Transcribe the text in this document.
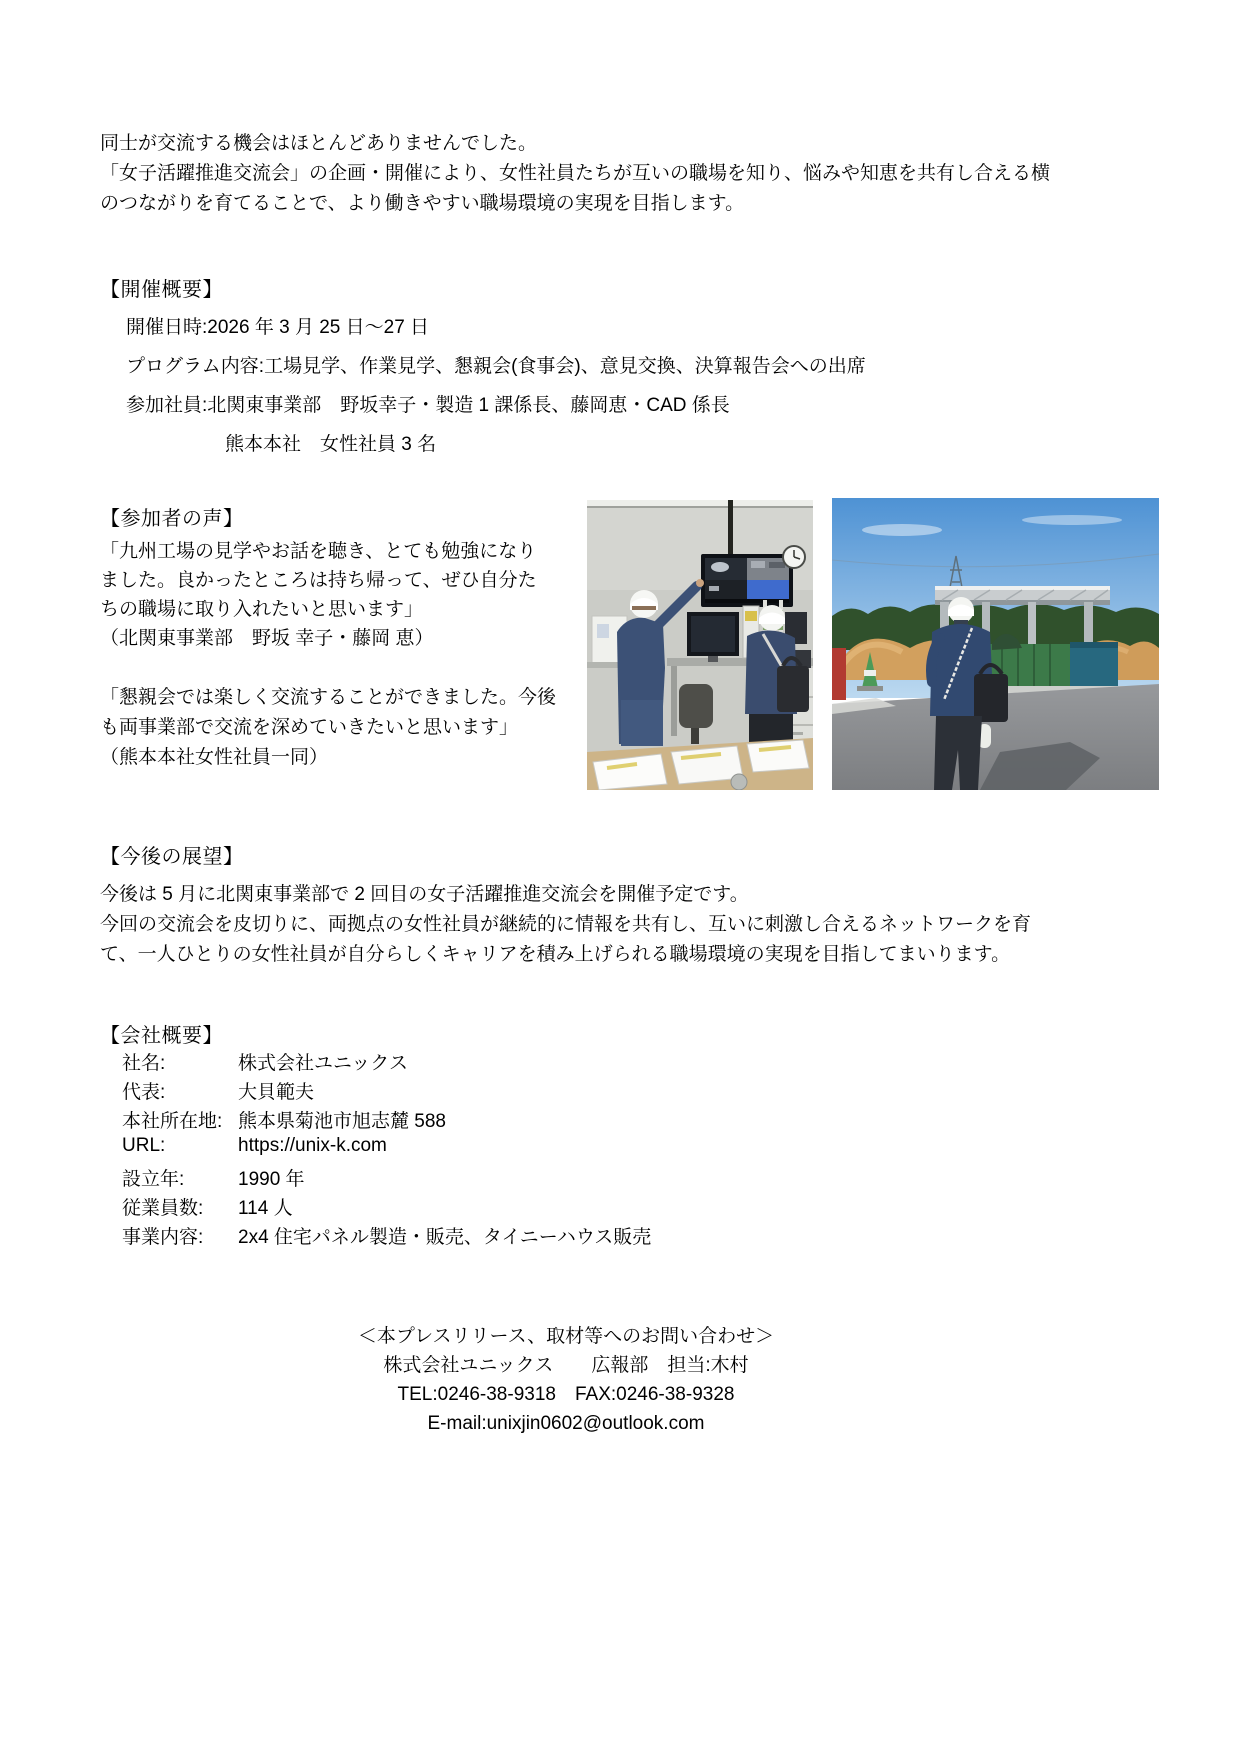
同士が交流する機会はほとんどありませんでした。
「女子活躍推進交流会」の企画・開催により、女性社員たちが互いの職場を知り、悩みや知恵を共有し合える横
のつながりを育てることで、より働きやすい職場環境の実現を目指します。
【開催概要】
開催日時:2026 年 3 月 25 日～27 日
プログラム内容:工場見学、作業見学、懇親会(食事会)、意見交換、決算報告会への出席
参加社員:北関東事業部　野坂幸子・製造 1 課係長、藤岡恵・CAD 係長
熊本本社　女性社員 3 名
【参加者の声】
「九州工場の見学やお話を聴き、とても勉強になり
ました。良かったところは持ち帰って、ぜひ自分た
ちの職場に取り入れたいと思います」
（北関東事業部　野坂 幸子・藤岡 恵）
「懇親会では楽しく交流することができました。今後
も両事業部で交流を深めていきたいと思います」
（熊本本社女性社員一同）
【今後の展望】
今後は 5 月に北関東事業部で 2 回目の女子活躍推進交流会を開催予定です。
今回の交流会を皮切りに、両拠点の女性社員が継続的に情報を共有し、互いに刺激し合えるネットワークを育
て、一人ひとりの女性社員が自分らしくキャリアを積み上げられる職場環境の実現を目指してまいります。
【会社概要】
社名:	株式会社ユニックス
代表:	大貝範夫
本社所在地: 熊本県菊池市旭志麓 588
URL:	https://unix-k.com
設立年:	1990 年
従業員数:	114 人
事業内容:	2x4 住宅パネル製造・販売、タイニーハウス販売
＜本プレスリリース、取材等へのお問い合わせ＞
株式会社ユニックス　　広報部　担当:木村
TEL:0246-38-9318　FAX:0246-38-9328
E-mail:unixjin0602@outlook.com
